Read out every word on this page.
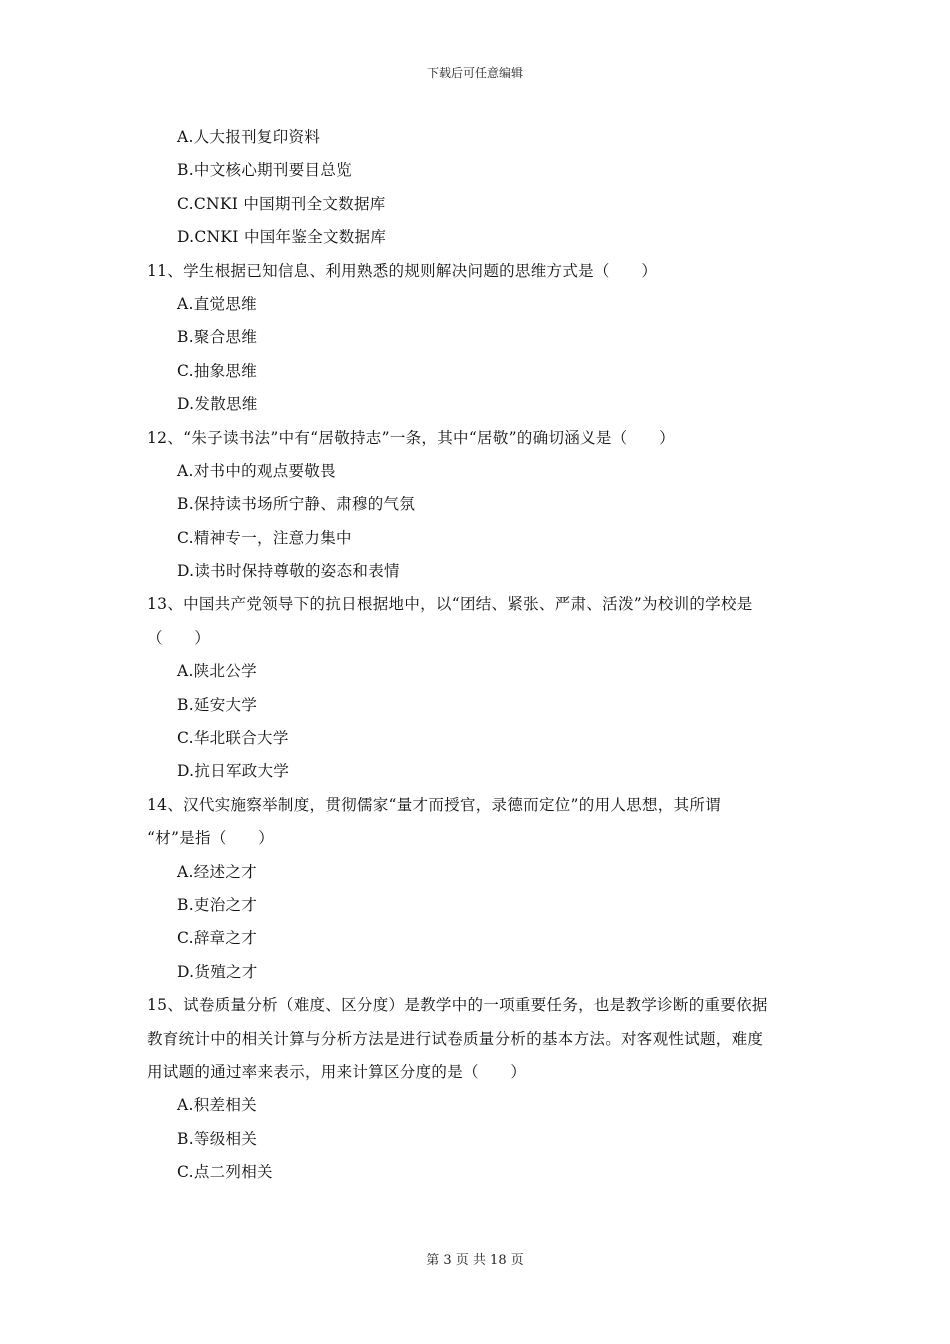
下载后可任意编辑
A.人大报刊复印资料
B.中文核心期刊要目总览
C.CNKI 中国期刊全文数据库
D.CNKI 中国年鉴全文数据库
11、学生根据已知信息、利用熟悉的规则解决问题的思维方式是（　　）
A.直觉思维
B.聚合思维
C.抽象思维
D.发散思维
12、“朱子读书法”中有“居敬持志”一条，其中“居敬”的确切涵义是（　　）
A.对书中的观点要敬畏
B.保持读书场所宁静、肃穆的气氛
C.精神专一，注意力集中
D.读书时保持尊敬的姿态和表情
13、中国共产党领导下的抗日根据地中，以“团结、紧张、严肃、活泼”为校训的学校是
（　　）
A.陕北公学
B.延安大学
C.华北联合大学
D.抗日军政大学
14、汉代实施察举制度，贯彻儒家“量才而授官，录德而定位”的用人思想，其所谓
“材”是指（　　）
A.经述之才
B.吏治之才
C.辞章之才
D.货殖之才
15、试卷质量分析（难度、区分度）是教学中的一项重要任务，也是教学诊断的重要依据
教育统计中的相关计算与分析方法是进行试卷质量分析的基本方法。对客观性试题，难度
用试题的通过率来表示，用来计算区分度的是（　　）
A.积差相关
B.等级相关
C.点二列相关
第 3 页 共 18 页
